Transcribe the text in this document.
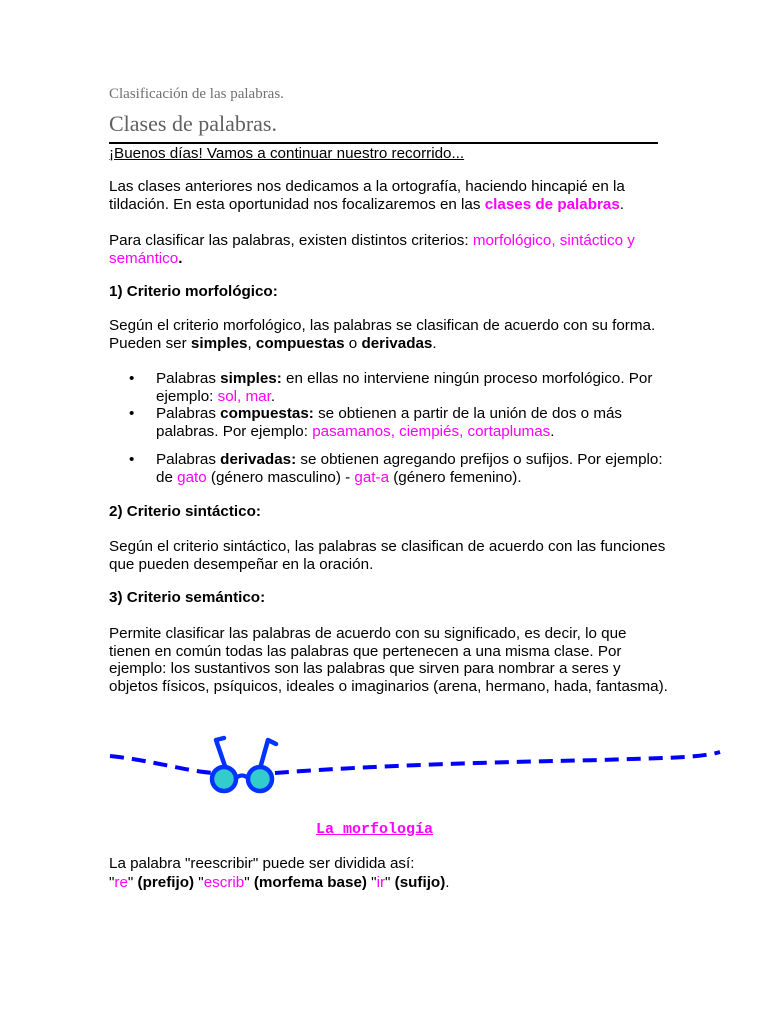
Clasificación de las palabras.
Clases de palabras.
¡Buenos días! Vamos a continuar nuestro recorrido...
Las clases anteriores nos dedicamos a la ortografía, haciendo hincapié en la tildación. En esta oportunidad nos focalizaremos en las clases de palabras.
Para clasificar las palabras, existen distintos criterios: morfológico, sintáctico y semántico.
1) Criterio morfológico:
Según el criterio morfológico, las palabras se clasifican de acuerdo con su forma. Pueden ser simples, compuestas o derivadas.
• Palabras simples: en ellas no interviene ningún proceso morfológico. Por ejemplo: sol, mar.
• Palabras compuestas: se obtienen a partir de la unión de dos o más palabras. Por ejemplo: pasamanos, ciempiés, cortaplumas.
• Palabras derivadas: se obtienen agregando prefijos o sufijos. Por ejemplo: de gato (género masculino) - gat-a (género femenino).
2) Criterio sintáctico:
Según el criterio sintáctico, las palabras se clasifican de acuerdo con las funciones que pueden desempeñar en la oración.
3) Criterio semántico:
Permite clasificar las palabras de acuerdo con su significado, es decir, lo que tienen en común todas las palabras que pertenecen a una misma clase. Por ejemplo: los sustantivos son las palabras que sirven para nombrar a seres y objetos físicos, psíquicos, ideales o imaginarios (arena, hermano, hada, fantasma).
La morfología
La palabra "reescribir" puede ser dividida así:
"re" (prefijo) "escrib" (morfema base) "ir" (sufijo).
